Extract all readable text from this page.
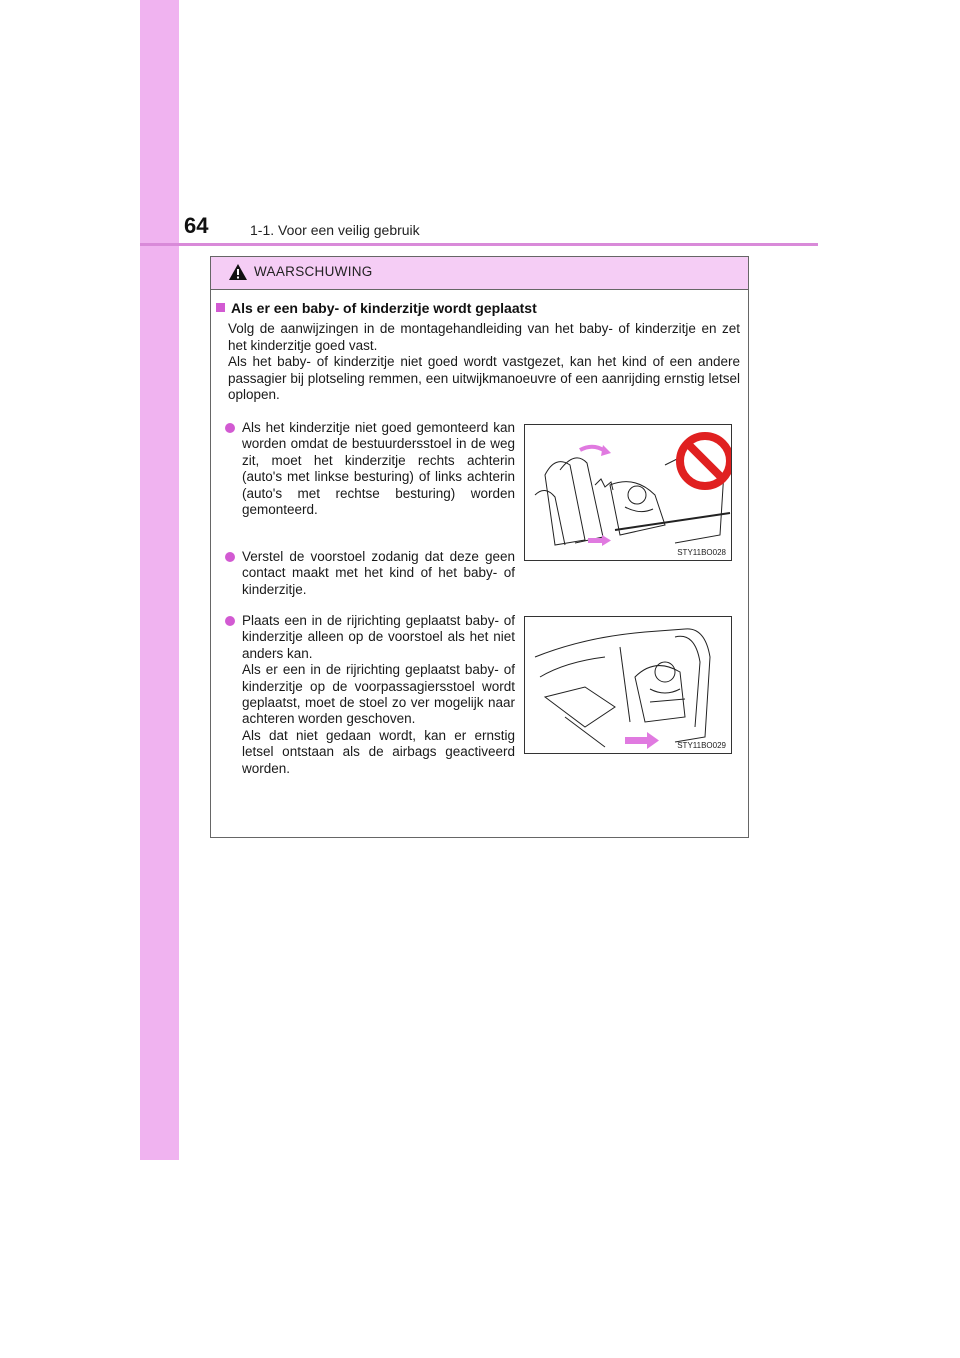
64	1-1. Voor een veilig gebruik
WAARSCHUWING
Als er een baby- of kinderzitje wordt geplaatst

Volg de aanwijzingen in de montagehandleiding van het baby- of kinderzitje en zet het kinderzitje goed vast.

Als het baby- of kinderzitje niet goed wordt vastgezet, kan het kind of een andere passagier bij plotseling remmen, een uitwijkmanoeuvre of een aanrijding ernstig letsel oplopen.

Als het kinderzitje niet goed gemonteerd kan worden omdat de bestuurdersstoel in de weg zit, moet het kinderzitje rechts achterin (auto's met linkse besturing) of links achterin (auto's met rechtse besturing) worden gemonteerd.

Verstel de voorstoel zodanig dat deze geen contact maakt met het kind of het baby- of kinderzitje.

Plaats een in de rijrichting geplaatst baby- of kinderzitje alleen op de voorstoel als het niet anders kan.

Als er een in de rijrichting geplaatst baby- of kinderzitje op de voorpassagiersstoel wordt geplaatst, moet de stoel zo ver mogelijk naar achteren worden geschoven.

Als dat niet gedaan wordt, kan er ernstig letsel ontstaan als de airbags geactiveerd worden.

STY11BO028
STY11BO029
